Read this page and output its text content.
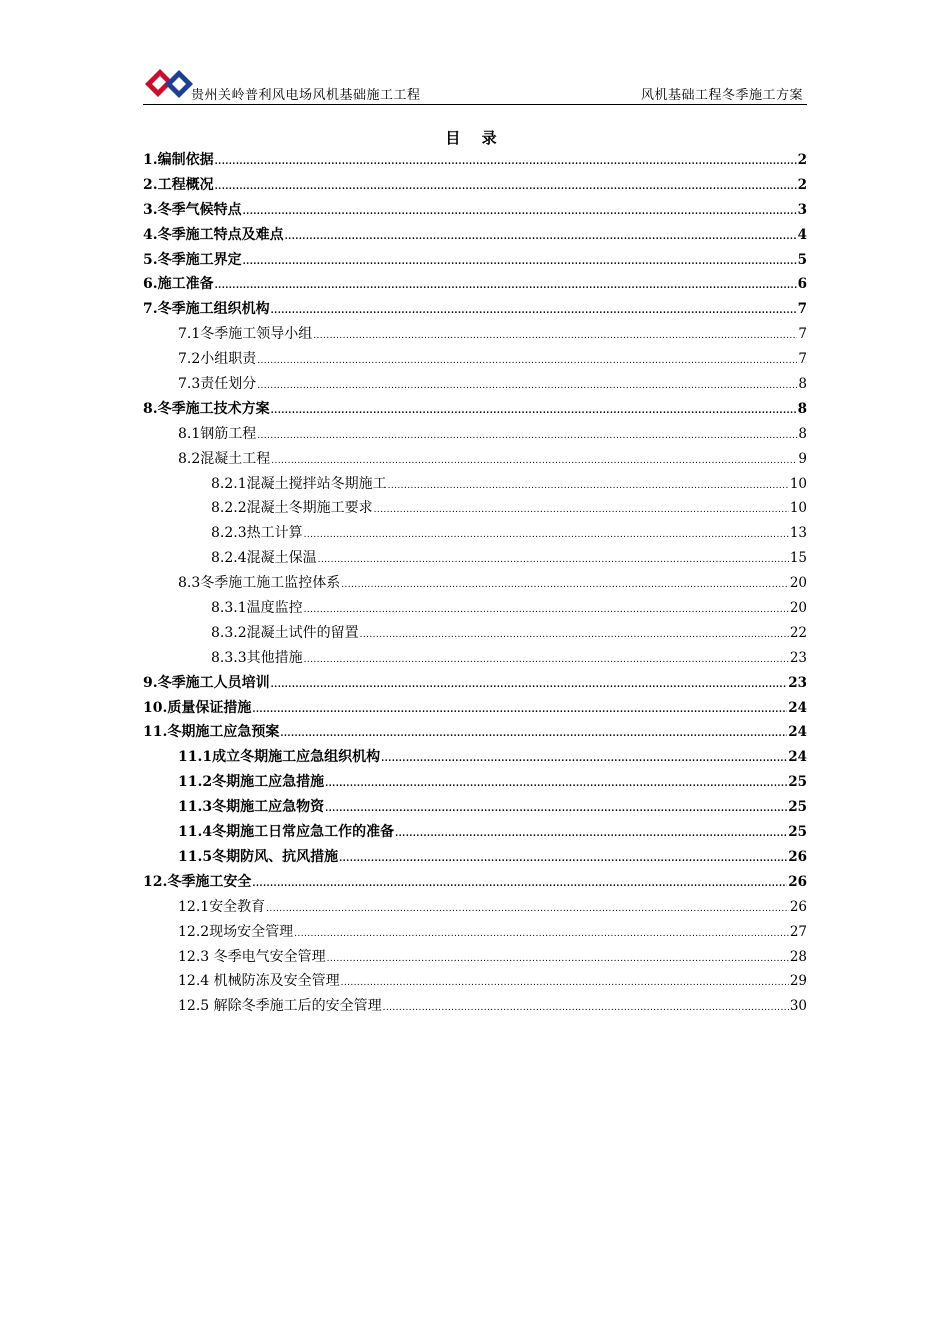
贵州关岭普利风电场风机基础施工工程	风机基础工程冬季施工方案
目 录
1.编制依据 .....	2
2.工程概况 .....	2
3.冬季气候特点 .....	3
4.冬季施工特点及难点 .....	4
5.冬季施工界定 .....	5
6.施工准备 .....	6
7.冬季施工组织机构 .....	7
7.1冬季施工领导小组 .....	7
7.2小组职责 .....	7
7.3责任划分 .....	8
8.冬季施工技术方案 .....	8
8.1钢筋工程 .....	8
8.2混凝土工程 .....	9
8.2.1混凝土搅拌站冬期施工 .....	10
8.2.2混凝土冬期施工要求 .....	10
8.2.3热工计算 .....	13
8.2.4混凝土保温 .....	15
8.3冬季施工施工监控体系 .....	20
8.3.1温度监控 .....	20
8.3.2混凝土试件的留置 .....	22
8.3.3其他措施 .....	23
9.冬季施工人员培训 .....	23
10.质量保证措施 .....	24
11.冬期施工应急预案 .....	24
11.1成立冬期施工应急组织机构 .....	24
11.2冬期施工应急措施 .....	25
11.3冬期施工应急物资 .....	25
11.4冬期施工日常应急工作的准备 .....	25
11.5冬期防风、抗风措施 .....	26
12.冬季施工安全 .....	26
12.1安全教育 .....	26
12.2现场安全管理 .....	27
12.3 冬季电气安全管理 .....	28
12.4 机械防冻及安全管理 .....	29
12.5 解除冬季施工后的安全管理 .....	30
